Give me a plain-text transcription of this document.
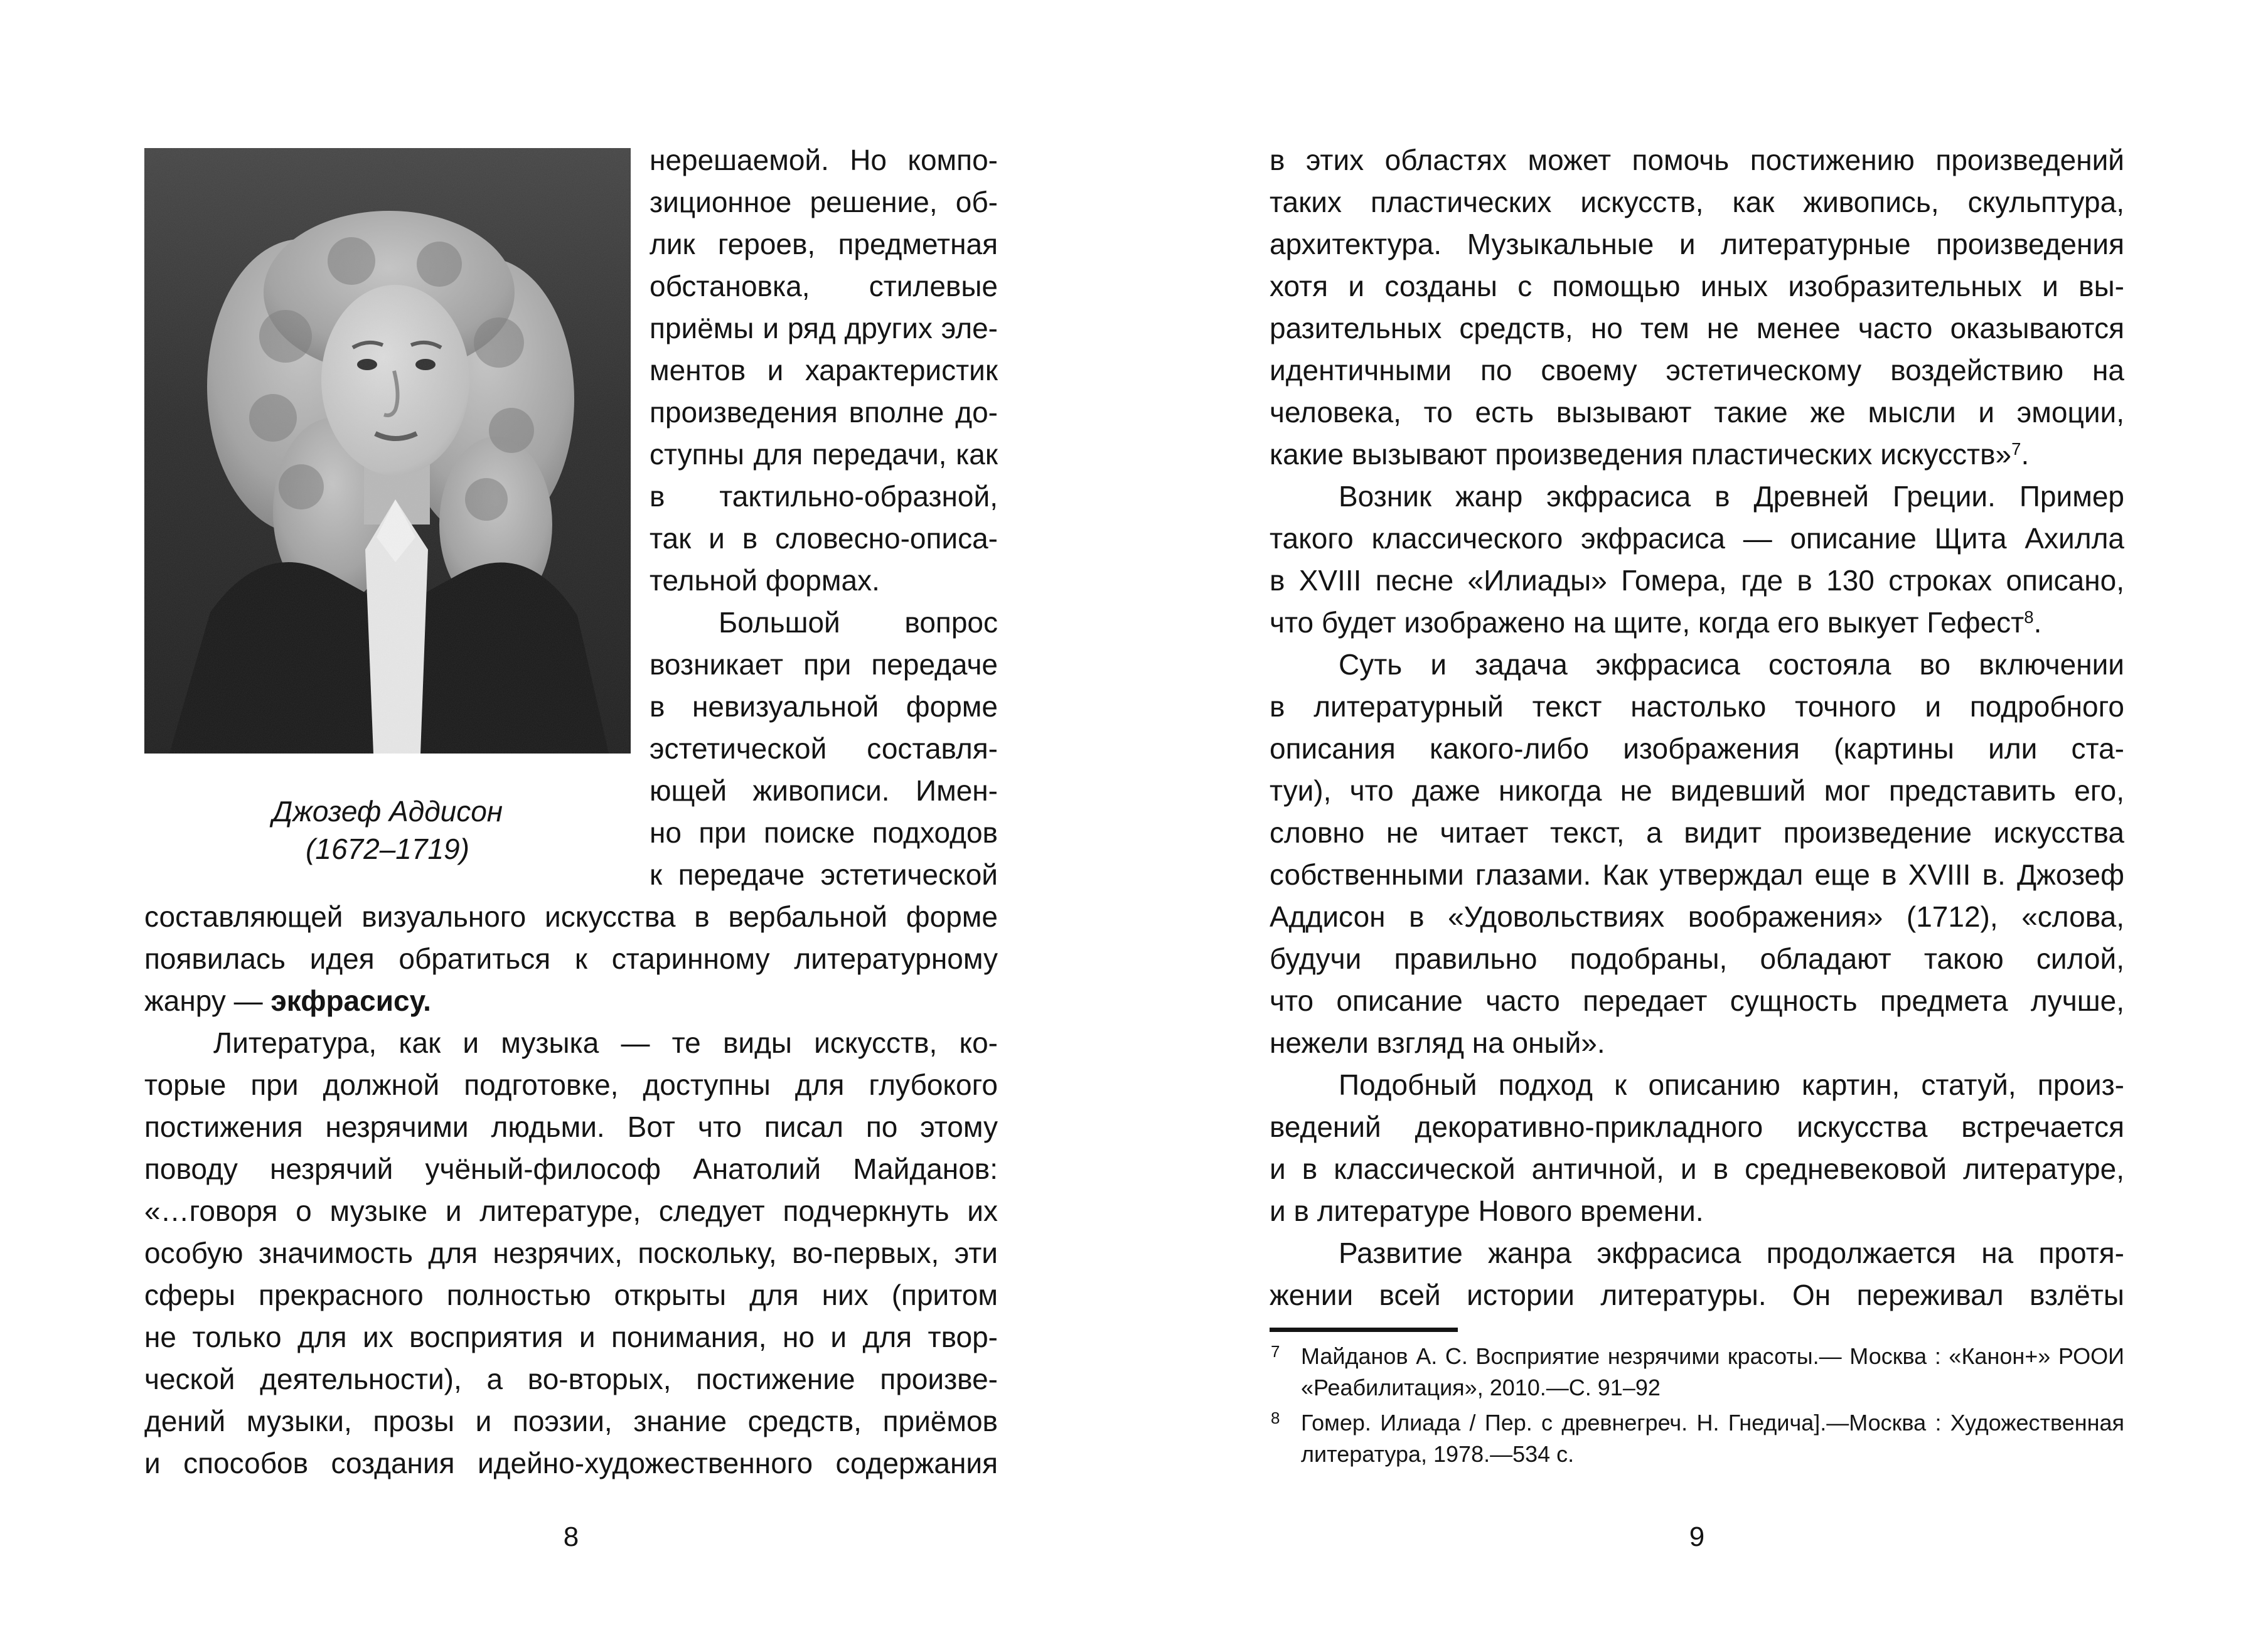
Джозеф Аддисон
(1672–1719)
нерешаемой. Но компо-
зиционное решение, об-
лик героев, предметная
обстановка, стилевые
приёмы и ряд других эле-
ментов и характеристик
произведения вполне до-
ступны для передачи, как
в тактильно-образной,
так и в словесно-описа-
тельной формах.
Большой вопрос
возникает при передаче
в невизуальной форме
эстетической составля-
ющей живописи. Имен-
но при поиске подходов
к передаче эстетической
составляющей визуального искусства в вербальной форме
появилась идея обратиться к старинному литературному
жанру — экфрасису.
Литература, как и музыка — те виды искусств, ко-
торые при должной подготовке, доступны для глубокого
постижения незрячими людьми. Вот что писал по этому
поводу незрячий учёный-философ Анатолий Майданов:
«…говоря о музыке и литературе, следует подчеркнуть их
особую значимость для незрячих, поскольку, во-первых, эти
сферы прекрасного полностью открыты для них (притом
не только для их восприятия и понимания, но и для твор-
ческой деятельности), а во-вторых, постижение произве-
дений музыки, прозы и поэзии, знание средств, приёмов
и способов создания идейно-художественного содержания
8
в этих областях может помочь постижению произведений
таких пластических искусств, как живопись, скульптура,
архитектура. Музыкальные и литературные произведения
хотя и созданы с помощью иных изобразительных и вы-
разительных средств, но тем не менее часто оказываются
идентичными по своему эстетическому воздействию на
человека, то есть вызывают такие же мысли и эмоции,
какие вызывают произведения пластических искусств»$^7$.
Возник жанр экфрасиса в Древней Греции. Пример
такого классического экфрасиса — описание Щита Ахилла
в XVIII песне «Илиады» Гомера, где в 130 строках описано,
что будет изображено на щите, когда его выкует Гефест$^8$.
Суть и задача экфрасиса состояла во включении
в литературный текст настолько точного и подробного
описания какого-либо изображения (картины или ста-
туи), что даже никогда не видевший мог представить его,
словно не читает текст, а видит произведение искусства
собственными глазами. Как утверждал еще в XVIII в. Джозеф
Аддисон в «Удовольствиях воображения» (1712), «слова,
будучи правильно подобраны, обладают такою силой,
что описание часто передает сущность предмета лучше,
нежели взгляд на оный».
Подобный подход к описанию картин, статуй, произ-
ведений декоративно-прикладного искусства встречается
и в классической античной, и в средневековой литературе,
и в литературе Нового времени.
Развитие жанра экфрасиса продолжается на протя-
жении всей истории литературы. Он переживал взлёты
7 Майданов А. С. Восприятие незрячими красоты.— Москва : «Канон+» РООИ
«Реабилитация», 2010.—С. 91–92
8 Гомер. Илиада / Пер. с древнегреч. Н. Гнедича].—Москва : Художественная
литература, 1978.—534 с.
9
